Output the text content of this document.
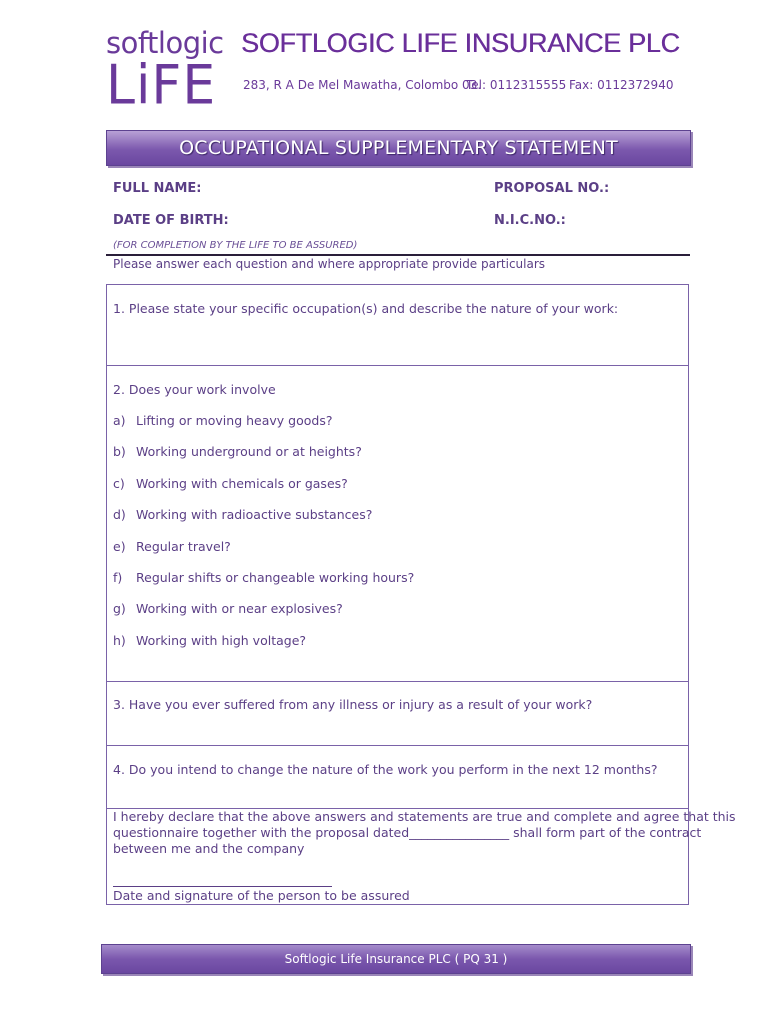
softlogic
LiFE
SOFTLOGIC LIFE INSURANCE PLC
283, R A De Mel Mawatha, Colombo 03.
Tel: 0112315555 Fax: 0112372940
OCCUPATIONAL SUPPLEMENTARY STATEMENT
FULL NAME:	PROPOSAL NO.:
DATE OF BIRTH:	N.I.C.NO.:
(FOR COMPLETION BY THE LIFE TO BE ASSURED)
Please answer each question and where appropriate provide particulars
1. Please state your specific occupation(s) and describe the nature of your work:
2. Does your work involve
a) Lifting or moving heavy goods?
b) Working underground or at heights?
c) Working with chemicals or gases?
d) Working with radioactive substances?
e) Regular travel?
f) Regular shifts or changeable working hours?
g) Working with or near explosives?
h) Working with high voltage?
3. Have you ever suffered from any illness or injury as a result of your work?
4. Do you intend to change the nature of the work you perform in the next 12 months?
I hereby declare that the above answers and statements are true and complete and agree that this
questionnaire together with the proposal dated________________ shall form part of the contract
between me and the company
Date and signature of the person to be assured
Softlogic Life Insurance PLC ( PQ 31 )
